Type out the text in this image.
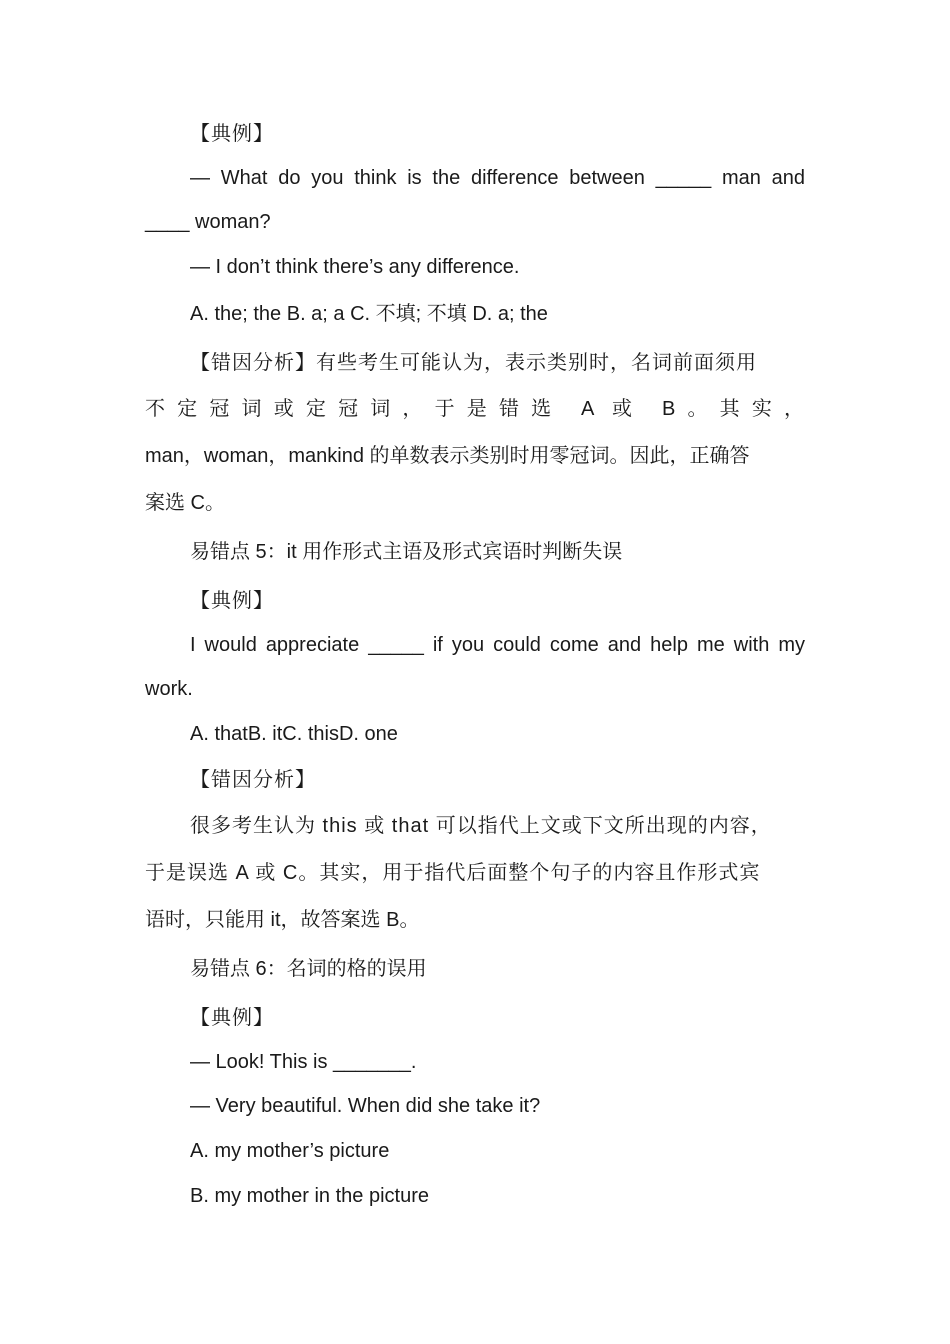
【典例】
— What do you think is the difference between _____ man and
____ woman?
— I don’t think there’s any difference.
A. the; the B. a; a C. 不填; 不填 D. a; the
【错因分析】有些考生可能认为，表示类别时，名词前面须用
不定冠词或定冠词，于是错选 A 或 B。其实，
man，woman，mankind 的单数表示类别时用零冠词。因此，正确答
案选 C。
易错点 5：it 用作形式主语及形式宾语时判断失误
【典例】
I would appreciate _____ if you could come and help me with my
work.
A. thatB. itC. thisD. one
【错因分析】
很多考生认为 this 或 that 可以指代上文或下文所出现的内容，
于是误选 A 或 C。其实，用于指代后面整个句子的内容且作形式宾
语时，只能用 it，故答案选 B。
易错点 6：名词的格的误用
【典例】
— Look! This is _______.
— Very beautiful. When did she take it?
A. my mother’s picture
B. my mother in the picture
